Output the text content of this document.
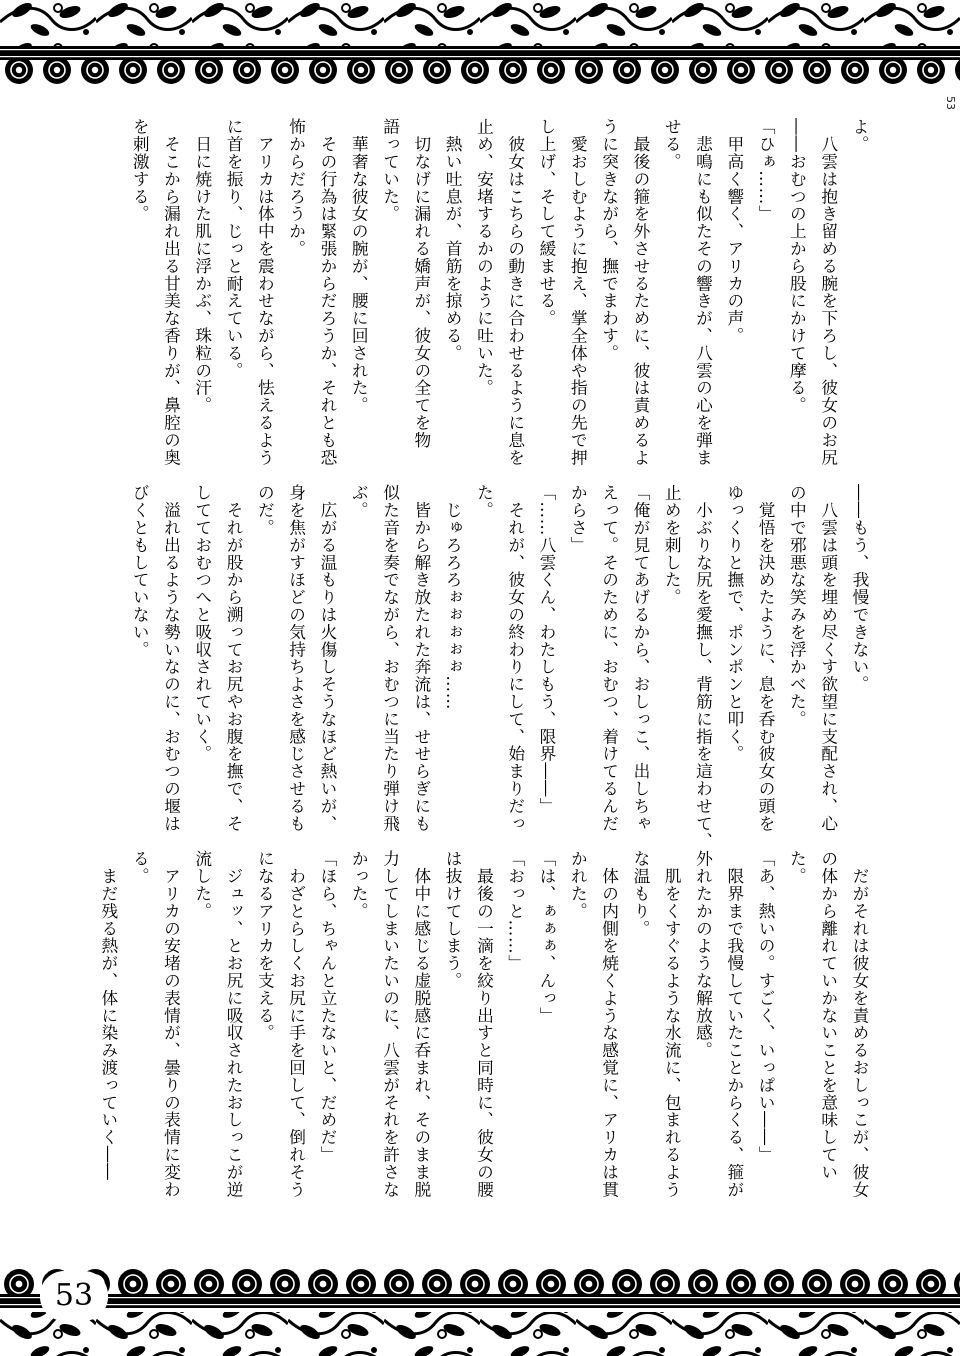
53

よ。

　八雲は抱き留める腕を下ろし、彼女のお尻

――おむつの上から股にかけて摩る。

「ひぁ……」

　甲高く響く、アリカの声。

　悲鳴にも似たその響きが、八雲の心を弾ま

せる。

　最後の箍を外させるために、彼は責めるよ

うに突きながら、撫でまわす。

　愛おしむように抱え、掌全体や指の先で押

し上げ、そして緩ませる。

　彼女はこちらの動きに合わせるように息を

止め、安堵するかのように吐いた。

　熱い吐息が、首筋を掠める。

　切なげに漏れる嬌声が、彼女の全てを物

語っていた。

　華奢な彼女の腕が、腰に回された。

　その行為は緊張からだろうか、それとも恐

怖からだろうか。

　アリカは体中を震わせながら、怯えるよう

に首を振り、じっと耐えている。

　日に焼けた肌に浮かぶ、珠粒の汗。

　そこから漏れ出る甘美な香りが、鼻腔の奥

を刺激する。

――もう、我慢できない。

　八雲は頭を埋め尽くす欲望に支配され、心

の中で邪悪な笑みを浮かべた。

　覚悟を決めたように、息を呑む彼女の頭を

ゆっくりと撫で、ポンポンと叩く。

　小ぶりな尻を愛撫し、背筋に指を這わせて、

止めを刺した。

「俺が見てあげるから、おしっこ、出しちゃ

えって。そのために、おむつ、着けてるんだ

からさ」

「……八雲くん、わたしもう、限界――」

　それが、彼女の終わりにして、始まりだっ

た。

　じゅろろろぉぉぉぉぉ……

　皆から解き放たれた奔流は、せせらぎにも

似た音を奏でながら、おむつに当たり弾け飛

ぶ。

　広がる温もりは火傷しそうなほど熱いが、

身を焦がすほどの気持ちよさを感じさせるも

のだ。

　それが股から溯ってお尻やお腹を撫で、そ

してておむつへと吸収されていく。

　溢れ出るような勢いなのに、おむつの堰は

びくともしていない。

　だがそれは彼女を責めるおしっこが、彼女

の体から離れていかないことを意味してい

た。

「あ、熱いの。すごく、いっぱい――」

　限界まで我慢していたことからくる、箍が

外れたかのような解放感。

　肌をくすぐるような水流に、包まれるよう

な温もり。

　体の内側を焼くような感覚に、アリカは貫

かれた。

「は、ぁぁぁ、んっ」

「おっと……」

　最後の一滴を絞り出すと同時に、彼女の腰

は抜けてしまう。

　体中に感じる虚脱感に呑まれ、そのまま脱

力してしまいたいのに、八雲がそれを許さな

かった。

「ほら、ちゃんと立たないと、だめだ」

　わざとらしくお尻に手を回して、倒れそう

になるアリカを支える。

　ジュッ、とお尻に吸収されたおしっこが逆

流した。

　アリカの安堵の表情が、曇りの表情に変わ

る。

　まだ残る熱が、体に染み渡っていく――

53
